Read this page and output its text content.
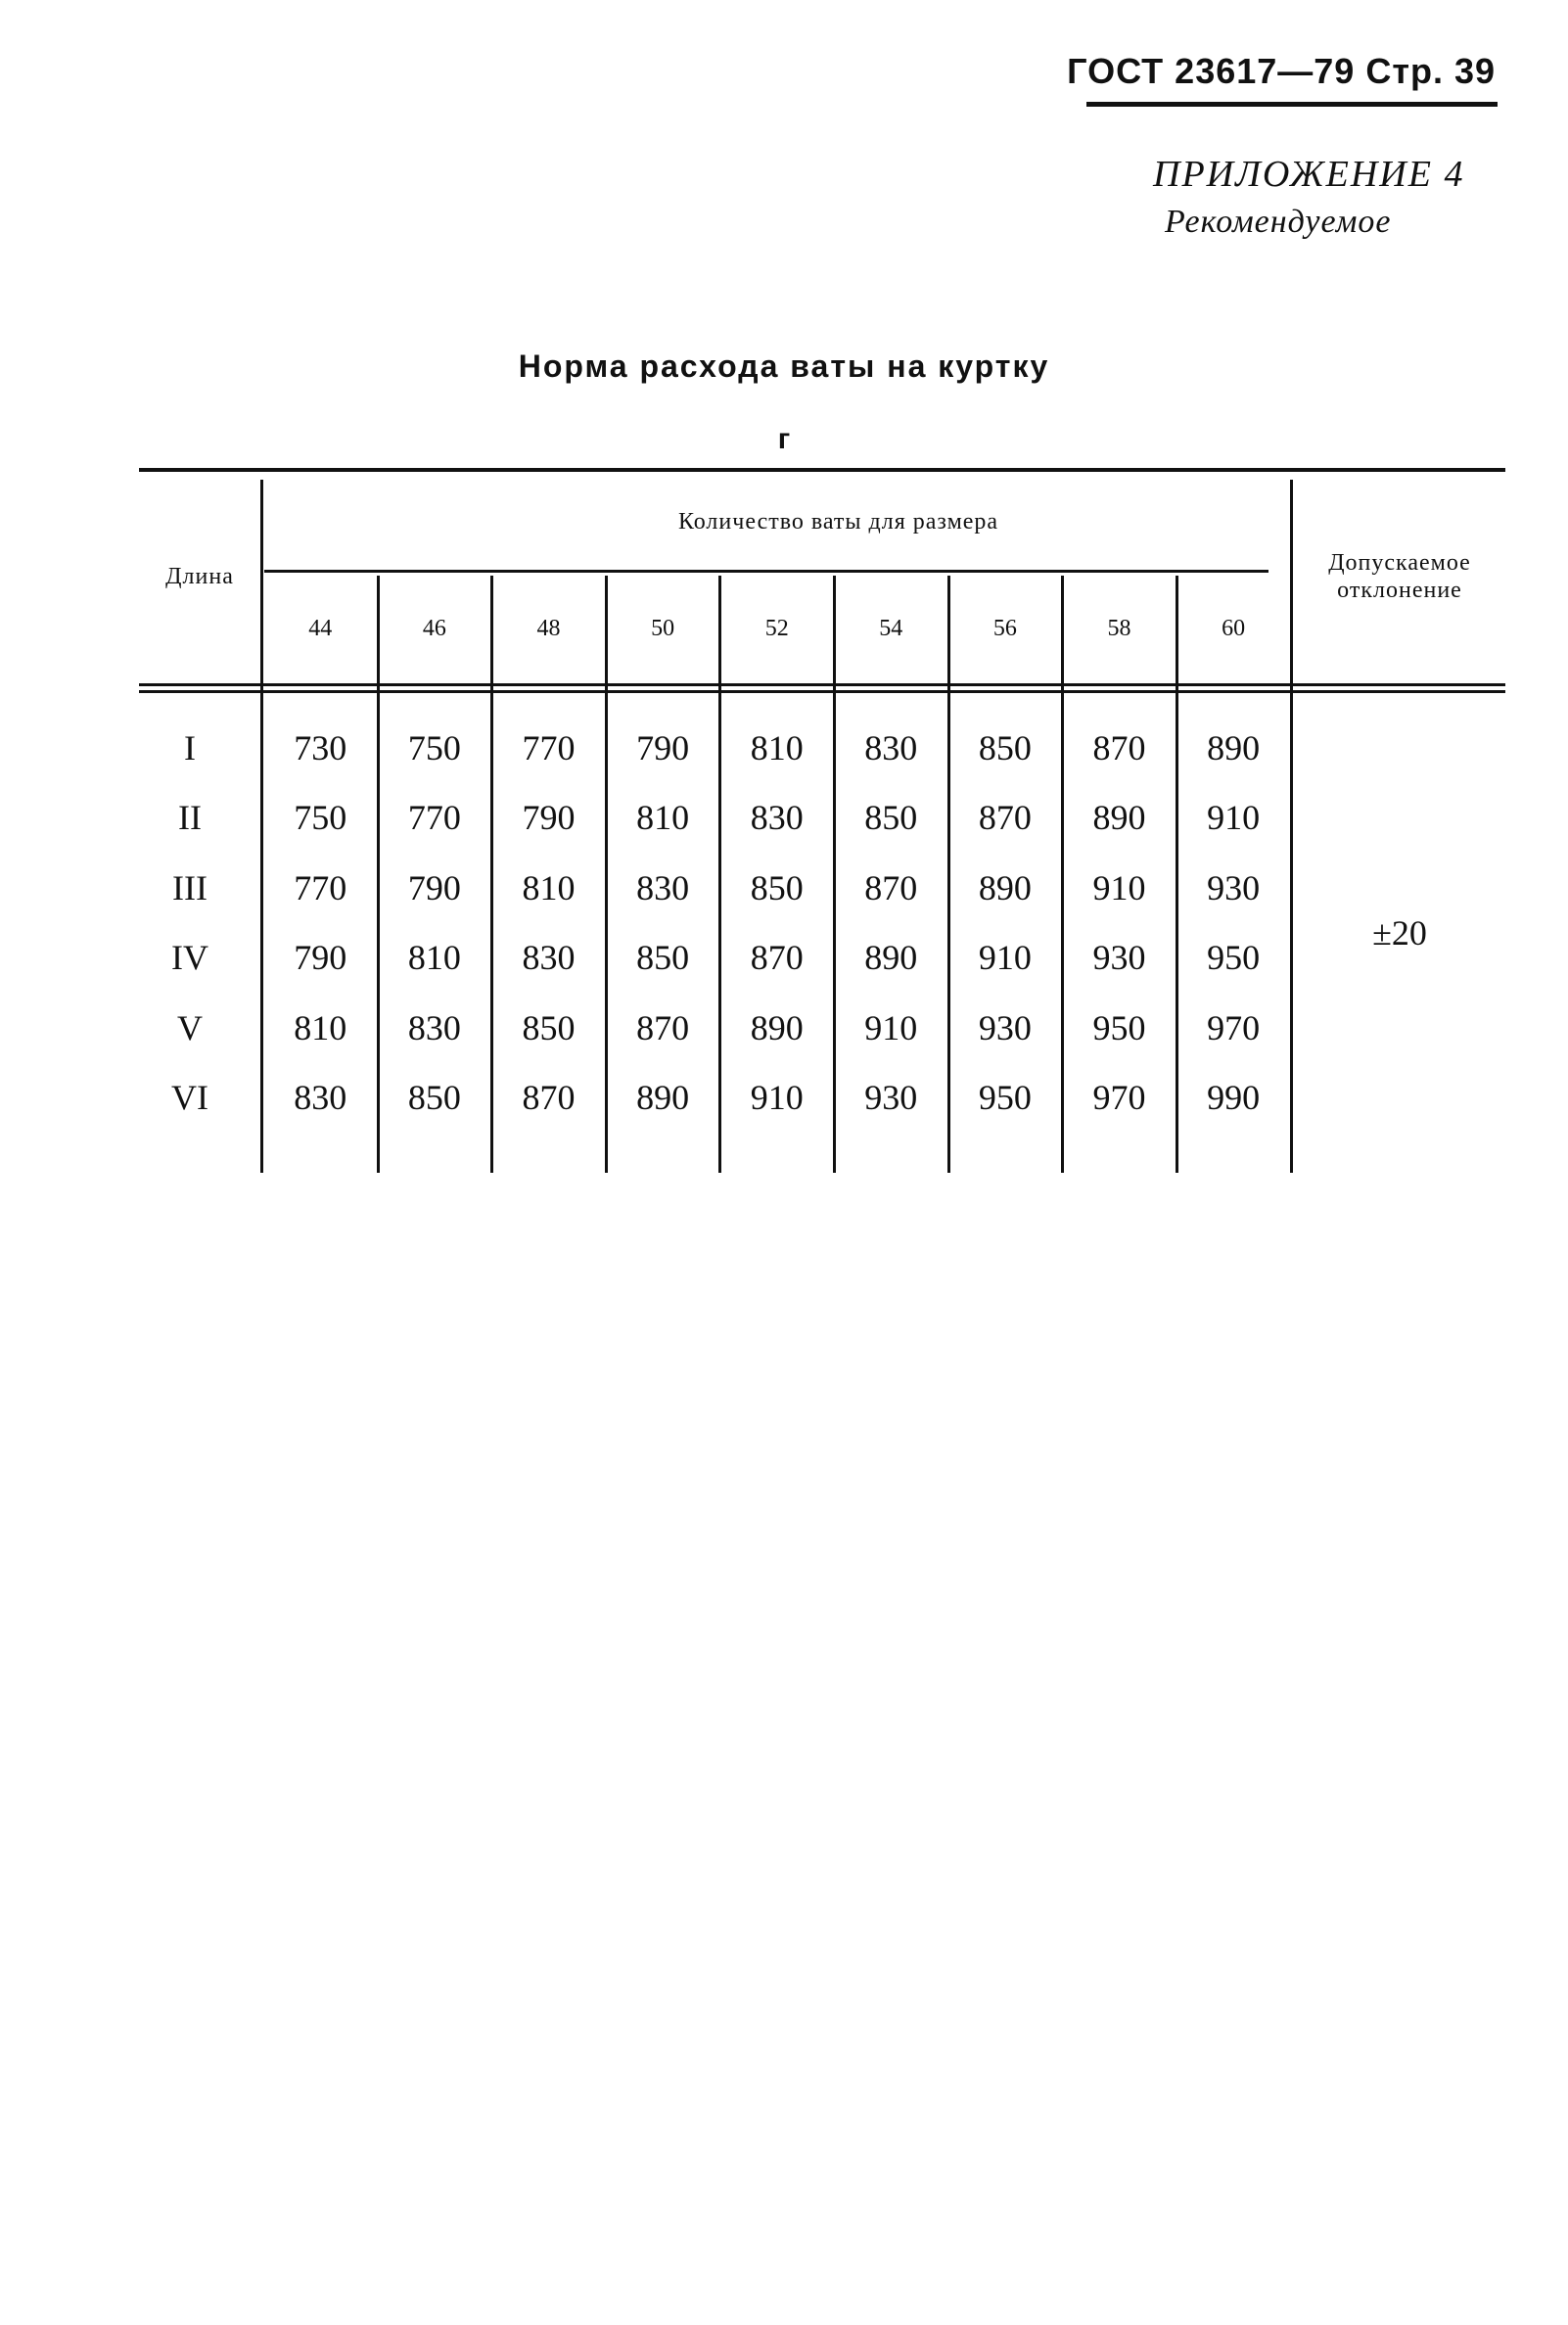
ГОСТ 23617—79 Стр. 39
ПРИЛОЖЕНИЕ 4
Рекомендуемое
Норма расхода ваты на куртку
г
Длина
Количество ваты для размера
Допускаемое
отклонение
44	46	48	50	52	54	56	58	60
I	730	750	770	790	810	830	850	870	890
II	750	770	790	810	830	850	870	890	910
III	770	790	810	830	850	870	890	910	930
IV	790	810	830	850	870	890	910	930	950
V	810	830	850	870	890	910	930	950	970
VI	830	850	870	890	910	930	950	970	990
±20
